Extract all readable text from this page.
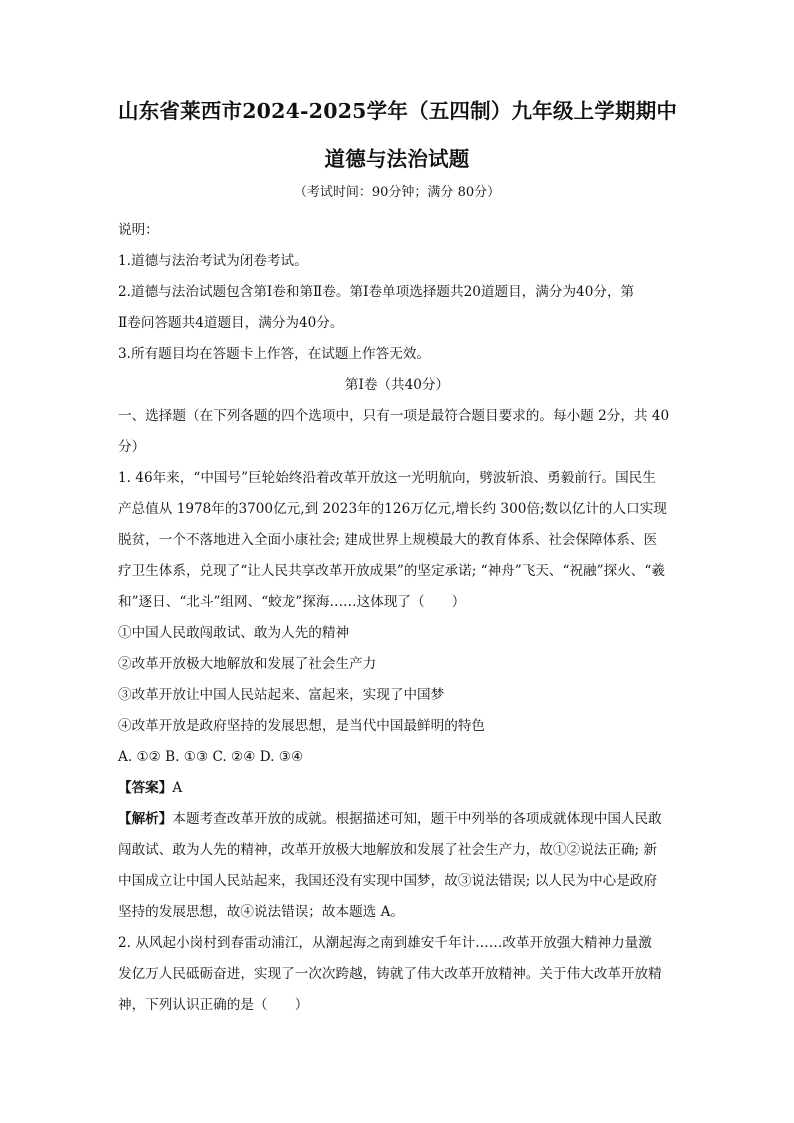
山东省莱西市2024-2025学年（五四制）九年级上学期期中

道德与法治试题

（考试时间：90分钟；满分 80分）

说明：

1.道德与法治考试为闭卷考试。

2.道德与法治试题包含第Ⅰ卷和第Ⅱ卷。第Ⅰ卷单项选择题共20道题目，满分为40分，第

Ⅱ卷问答题共4道题目，满分为40分。

3.所有题目均在答题卡上作答，在试题上作答无效。

第Ⅰ卷（共40分）

一、选择题（在下列各题的四个选项中，只有一项是最符合题目要求的。每小题 2分，共 40

分）

1. 46年来，“中国号”巨轮始终沿着改革开放这一光明航向，劈波斩浪、勇毅前行。国民生

产总值从 1978年的3700亿元,到 2023年的126万亿元,增长约 300倍;数以亿计的人口实现

脱贫，一个不落地进入全面小康社会; 建成世界上规模最大的教育体系、社会保障体系、医

疗卫生体系，兑现了“让人民共享改革开放成果”的坚定承诺; “神舟”飞天、“祝融”探火、“羲

和”逐日、“北斗”组网、“蛟龙”探海……这体现了（　　）

①中国人民敢闯敢试、敢为人先的精神

②改革开放极大地解放和发展了社会生产力

③改革开放让中国人民站起来、富起来，实现了中国梦

④改革开放是政府坚持的发展思想，是当代中国最鲜明的特色

A. ①② B. ①③ C. ②④ D. ③④

【答案】A

【解析】本题考查改革开放的成就。根据描述可知，题干中列举的各项成就体现中国人民敢

闯敢试、敢为人先的精神，改革开放极大地解放和发展了社会生产力，故①②说法正确; 新

中国成立让中国人民站起来，我国还没有实现中国梦，故③说法错误; 以人民为中心是政府

坚持的发展思想，故④说法错误；故本题选 A。

2. 从风起小岗村到春雷动浦江，从潮起海之南到雄安千年计……改革开放强大精神力量激

发亿万人民砥砺奋进，实现了一次次跨越，铸就了伟大改革开放精神。关于伟大改革开放精

神，下列认识正确的是（　　）
